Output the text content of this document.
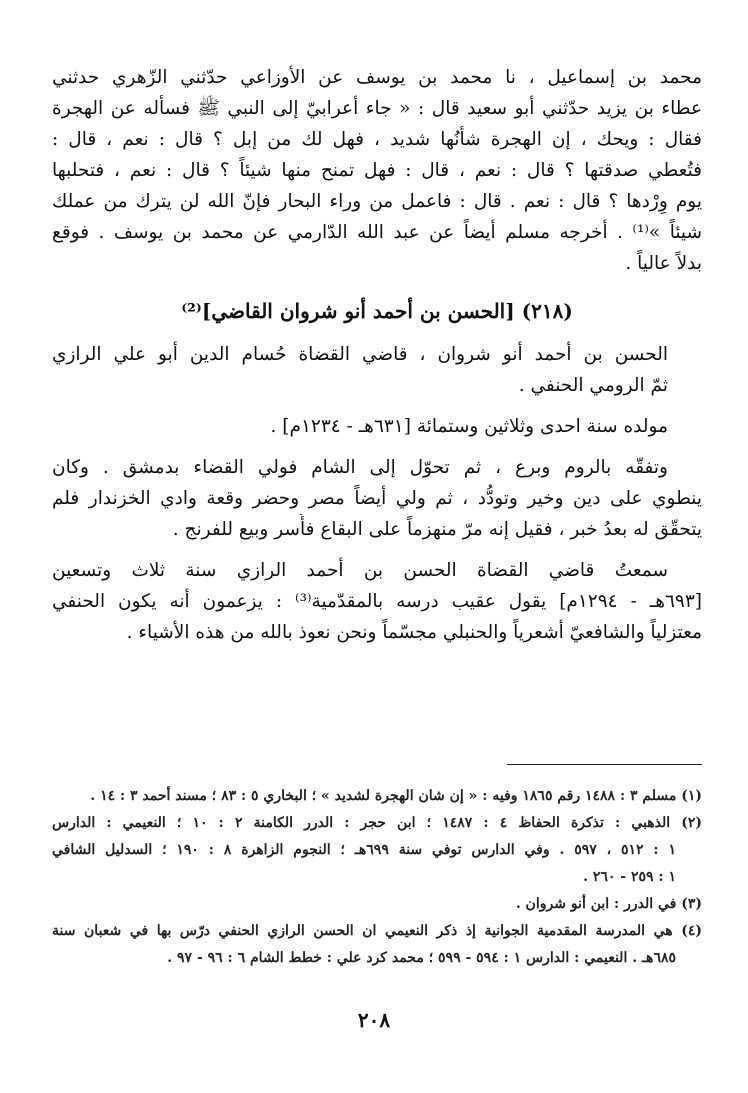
محمد بن إسماعيل ، نا محمد بن يوسف عن الأوزاعي حدّثني الزّهري حدثني
عطاء بن يزيد حدّثني أبو سعيد قال : « جاء أعرابيّ إلى النبي ﷺ فسأله عن الهجرة
فقال : ويحك ، إن الهجرة شأنُها شديد ، فهل لك من إبل ؟ قال : نعم ، قال :
فتُعطي صدقتها ؟ قال : نعم ، قال : فهل تمنح منها شيئاً ؟ قال : نعم ، فتحلبها
يوم وِرْدها ؟ قال : نعم . قال : فاعمل من وراء البحار فإنّ الله لن يترك من عملك
شيئاً »⁽¹⁾ . أخرجه مسلم أيضاً عن عبد الله الدّارمي عن محمد بن يوسف . فوقع
بدلاً عالياً .
(٢١٨) [الحسن بن أحمد أنو شروان القاضي]⁽²⁾
الحسن بن أحمد أنو شروان ، قاضي القضاة حُسام الدين أبو علي الرازي
ثمّ الرومي الحنفي .
مولده سنة احدى وثلاثين وستمائة [٦٣١هـ - ١٢٣٤م] .
وتفقّه بالروم وبرع ، ثم تحوّل إلى الشام فولي القضاء بدمشق . وكان
ينطوي على دين وخير وتودُّد ، ثم ولي أيضاً مصر وحضر وقعة وادي الخزندار فلم
يتحقّق له بعدُ خبر ، فقيل إنه مرّ منهزماً على البقاع فأُسر وبيع للفرنج .
سمعتُ قاضي القضاة الحسن بن أحمد الرازي سنة ثلاث وتسعين
[٦٩٣هـ - ١٢٩٤م] يقول عقيب درسه بالمقدّمية⁽³⁾ : يزعمون أنه يكون الحنفي
معتزلياً والشافعيّ أشعرياً والحنبلي مجسّماً ونحن نعوذ بالله من هذه الأشياء .
(١) مسلم ٣ : ١٤٨٨ رقم ١٨٦٥ وفيه : « إن شان الهجرة لشديد » ؛ البخاري ٥ : ٨٣ ؛ مسند أحمد ٣ : ١٤ .
(٢) الذهبي : تذكرة الحفاظ ٤ : ١٤٨٧ ؛ ابن حجر : الدرر الكامنة ٢ : ١٠ ؛ النعيمي : الدارس
١ : ٥١٢ ، ٥٩٧ . وفي الدارس توفي سنة ٦٩٩هـ ؛ النجوم الزاهرة ٨ : ١٩٠ ؛ السدليل الشافي
١ : ٢٥٩ - ٢٦٠ .
(٣) في الدرر : ابن أنو شروان .
(٤) هي المدرسة المقدمية الجوانية إذ ذكر النعيمي ان الحسن الرازي الحنفي درّس بها في شعبان سنة
٦٨٥هـ . النعيمي : الدارس ١ : ٥٩٤ - ٥٩٩ ؛ محمد كرد علي : خطط الشام ٦ : ٩٦ - ٩٧ .
٢٠٨
